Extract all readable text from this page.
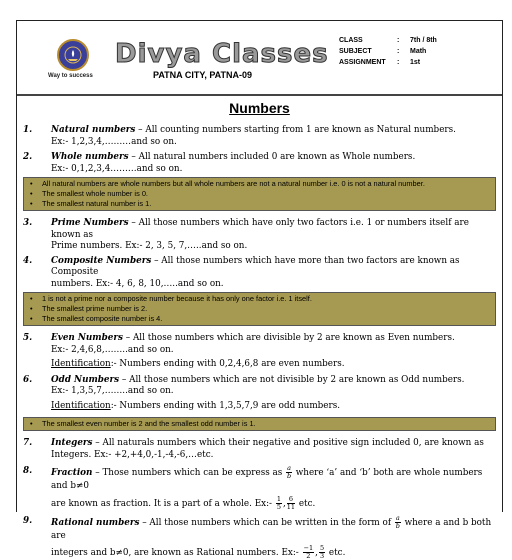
Way to success
Divya Classes
PATNA CITY, PATNA-09
CLASS	: 7th / 8th
SUBJECT	: Math
ASSIGNMENT : 1st
Numbers
1. Natural numbers – All counting numbers starting from 1 are known as Natural numbers.
Ex:- 1,2,3,4,………and so on.
2. Whole numbers – All natural numbers included 0 are known as Whole numbers.
Ex:- 0,1,2,3,4………and so on.
• All natural numbers are whole numbers but all whole numbers are not a natural number i.e. 0 is not a natural number.
• The smallest whole number is 0.
• The smallest natural number is 1.
3. Prime Numbers – All those numbers which have only two factors i.e. 1 or numbers itself are known as
Prime numbers. Ex:- 2, 3, 5, 7,…..and so on.
4. Composite Numbers – All those numbers which have more than two factors are known as Composite
numbers. Ex:- 4, 6, 8, 10,…..and so on.
• 1 is not a prime nor a composite number because it has only one factor i.e. 1 itself.
• The smallest prime number is 2.
• The smallest composite number is 4.
5. Even Numbers – All those numbers which are divisible by 2 are known as Even numbers.
Ex:- 2,4,6,8,……..and so on.
Identification:- Numbers ending with 0,2,4,6,8 are even numbers.
6. Odd Numbers – All those numbers which are not divisible by 2 are known as Odd numbers.
Ex:- 1,3,5,7,……..and so on.
Identification:- Numbers ending with 1,3,5,7,9 are odd numbers.
• The smallest even number is 2 and the smallest odd number is 1.
7. Integers – All naturals numbers which their negative and positive sign included 0, are known as
Integers. Ex:- +2,+4,0,-1,-4,-6,…etc.
8. Fraction – Those numbers which can be express as $\frac{a}{b}$ where ‘a’ and ‘b’ both are whole numbers and b≠0
are known as fraction. It is a part of a whole. Ex:- $\frac{1}{5}$ , $\frac{6}{11}$ etc.
9. Rational numbers – All those numbers which can be written in the form of $\frac{a}{b}$ where a and b both are
integers and b≠0, are known as Rational numbers. Ex:- $\frac{-1}{2}$ , $\frac{5}{3}$ etc.
